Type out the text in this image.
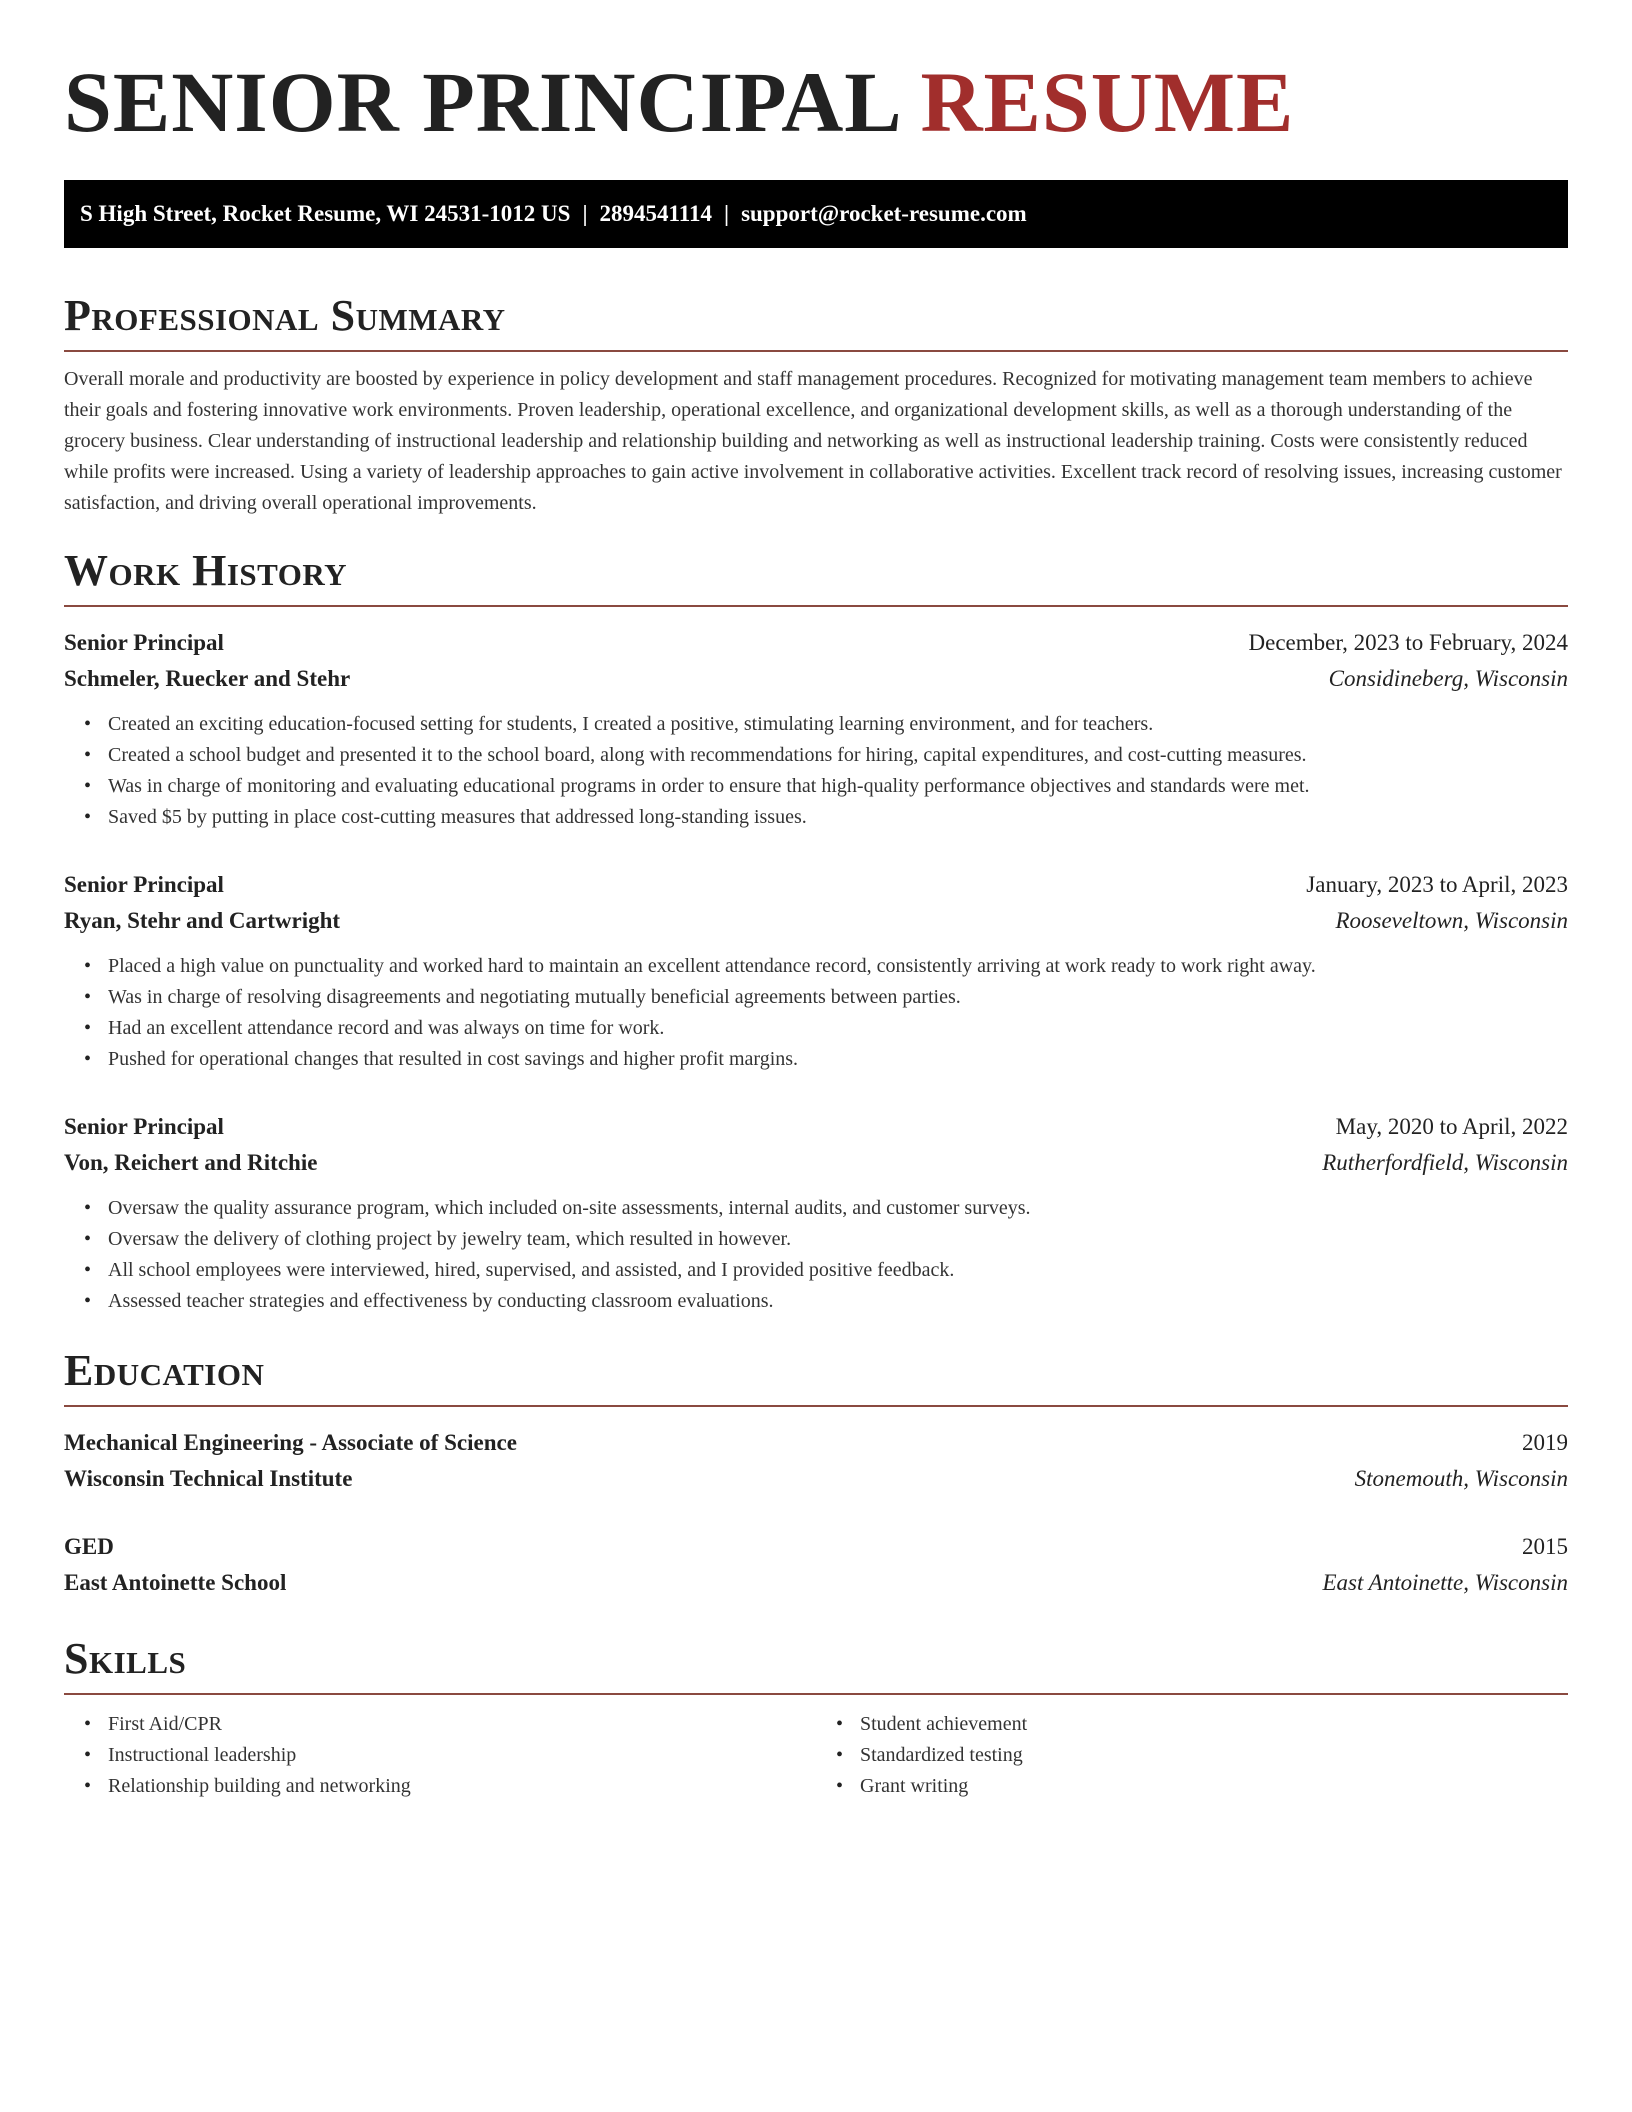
SENIOR PRINCIPAL RESUME
S High Street, Rocket Resume, WI 24531-1012 US | 2894541114 | support@rocket-resume.com
Professional Summary

Overall morale and productivity are boosted by experience in policy development and staff management procedures. Recognized for motivating management team members to achieve their goals and fostering innovative work environments. Proven leadership, operational excellence, and organizational development skills, as well as a thorough understanding of the grocery business. Clear understanding of instructional leadership and relationship building and networking as well as instructional leadership training. Costs were consistently reduced while profits were increased. Using a variety of leadership approaches to gain active involvement in collaborative activities. Excellent track record of resolving issues, increasing customer satisfaction, and driving overall operational improvements.

Work History
Senior Principal	December, 2023 to February, 2024
Schmeler, Ruecker and Stehr	Considineberg, Wisconsin
• Created an exciting education-focused setting for students, I created a positive, stimulating learning environment, and for teachers.
• Created a school budget and presented it to the school board, along with recommendations for hiring, capital expenditures, and cost-cutting measures.
• Was in charge of monitoring and evaluating educational programs in order to ensure that high-quality performance objectives and standards were met.
• Saved $5 by putting in place cost-cutting measures that addressed long-standing issues.
Senior Principal	January, 2023 to April, 2023
Ryan, Stehr and Cartwright	Rooseveltown, Wisconsin
• Placed a high value on punctuality and worked hard to maintain an excellent attendance record, consistently arriving at work ready to work right away.
• Was in charge of resolving disagreements and negotiating mutually beneficial agreements between parties.
• Had an excellent attendance record and was always on time for work.
• Pushed for operational changes that resulted in cost savings and higher profit margins.
Senior Principal	May, 2020 to April, 2022
Von, Reichert and Ritchie	Rutherfordfield, Wisconsin
• Oversaw the quality assurance program, which included on-site assessments, internal audits, and customer surveys.
• Oversaw the delivery of clothing project by jewelry team, which resulted in however.
• All school employees were interviewed, hired, supervised, and assisted, and I provided positive feedback.
• Assessed teacher strategies and effectiveness by conducting classroom evaluations.
Education
Mechanical Engineering - Associate of Science	2019
Wisconsin Technical Institute	Stonemouth, Wisconsin
GED	2015
East Antoinette School	East Antoinette, Wisconsin
Skills
• First Aid/CPR
• Instructional leadership
• Relationship building and networking
• Student achievement
• Standardized testing
• Grant writing
